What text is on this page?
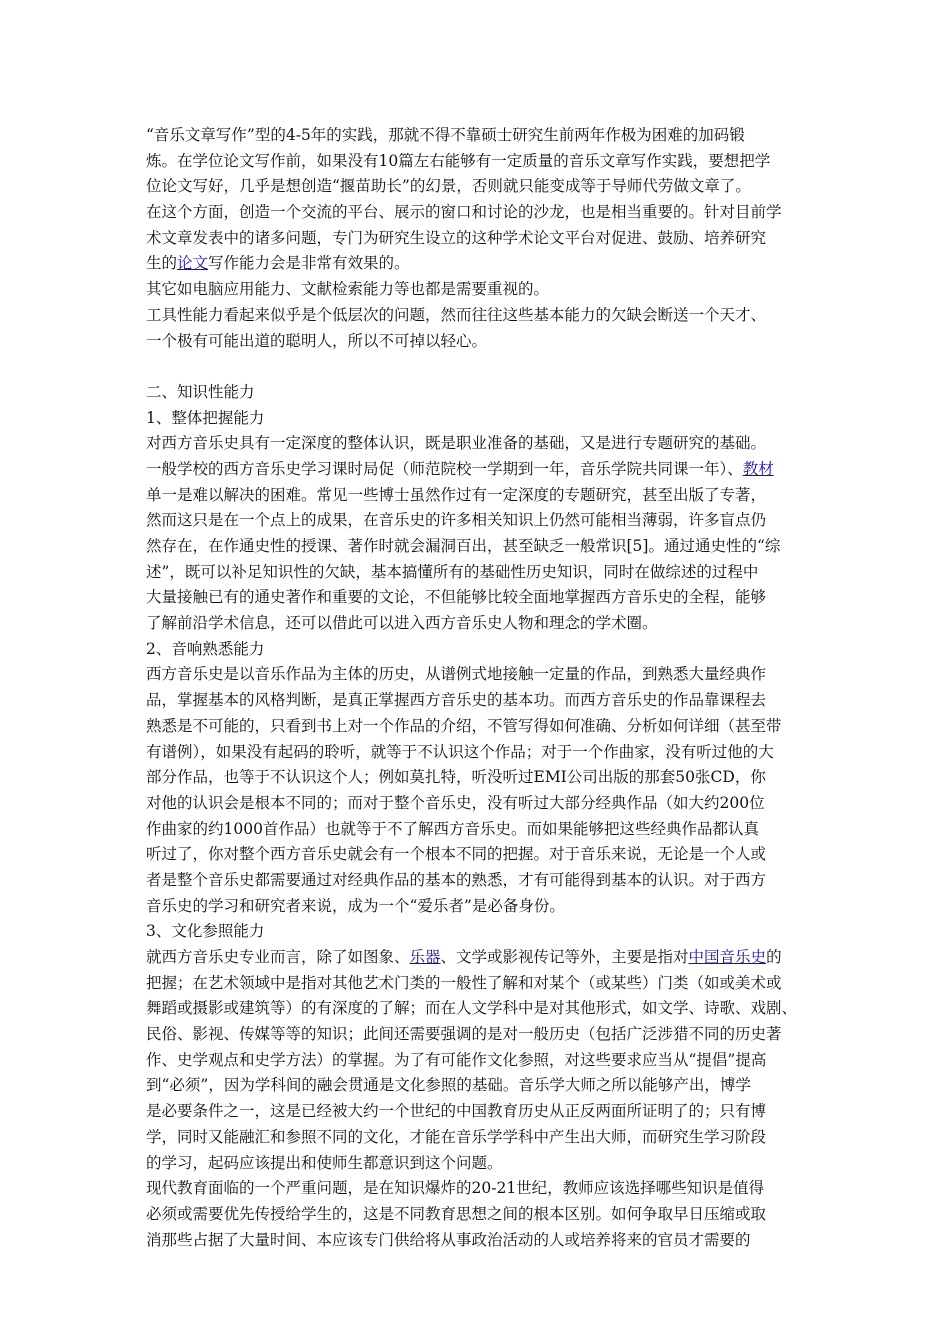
“音乐文章写作”型的4-5年的实践，那就不得不靠硕士研究生前两年作极为困难的加码锻
炼。在学位论文写作前，如果没有10篇左右能够有一定质量的音乐文章写作实践，要想把学
位论文写好，几乎是想创造“揠苗助长”的幻景，否则就只能变成等于导师代劳做文章了。
在这个方面，创造一个交流的平台、展示的窗口和讨论的沙龙，也是相当重要的。针对目前学
术文章发表中的诸多问题，专门为研究生设立的这种学术论文平台对促进、鼓励、培养研究
生的论文写作能力会是非常有效果的。
其它如电脑应用能力、文献检索能力等也都是需要重视的。
工具性能力看起来似乎是个低层次的问题，然而往往这些基本能力的欠缺会断送一个天才、
一个极有可能出道的聪明人，所以不可掉以轻心。
二、知识性能力
1、整体把握能力
对西方音乐史具有一定深度的整体认识，既是职业准备的基础，又是进行专题研究的基础。
一般学校的西方音乐史学习课时局促（师范院校一学期到一年，音乐学院共同课一年）、教材
单一是难以解决的困难。常见一些博士虽然作过有一定深度的专题研究，甚至出版了专著，
然而这只是在一个点上的成果，在音乐史的许多相关知识上仍然可能相当薄弱，许多盲点仍
然存在，在作通史性的授课、著作时就会漏洞百出，甚至缺乏一般常识[5]。通过通史性的“综
述”，既可以补足知识性的欠缺，基本搞懂所有的基础性历史知识，同时在做综述的过程中
大量接触已有的通史著作和重要的文论，不但能够比较全面地掌握西方音乐史的全程，能够
了解前沿学术信息，还可以借此可以进入西方音乐史人物和理念的学术圈。
2、音响熟悉能力
西方音乐史是以音乐作品为主体的历史，从谱例式地接触一定量的作品，到熟悉大量经典作
品，掌握基本的风格判断，是真正掌握西方音乐史的基本功。而西方音乐史的作品靠课程去
熟悉是不可能的，只看到书上对一个作品的介绍，不管写得如何准确、分析如何详细（甚至带
有谱例），如果没有起码的聆听，就等于不认识这个作品；对于一个作曲家，没有听过他的大
部分作品，也等于不认识这个人；例如莫扎特，听没听过EMI公司出版的那套50张CD，你
对他的认识会是根本不同的；而对于整个音乐史，没有听过大部分经典作品（如大约200位
作曲家的约1000首作品）也就等于不了解西方音乐史。而如果能够把这些经典作品都认真
听过了，你对整个西方音乐史就会有一个根本不同的把握。对于音乐来说，无论是一个人或
者是整个音乐史都需要通过对经典作品的基本的熟悉，才有可能得到基本的认识。对于西方
音乐史的学习和研究者来说，成为一个“爱乐者”是必备身份。
3、文化参照能力
就西方音乐史专业而言，除了如图象、乐器、文学或影视传记等外，主要是指对中国音乐史的
把握；在艺术领域中是指对其他艺术门类的一般性了解和对某个（或某些）门类（如或美术或
舞蹈或摄影或建筑等）的有深度的了解；而在人文学科中是对其他形式，如文学、诗歌、戏剧、
民俗、影视、传媒等等的知识；此间还需要强调的是对一般历史（包括广泛涉猎不同的历史著
作、史学观点和史学方法）的掌握。为了有可能作文化参照，对这些要求应当从“提倡”提高
到“必须”，因为学科间的融会贯通是文化参照的基础。音乐学大师之所以能够产出，博学
是必要条件之一，这是已经被大约一个世纪的中国教育历史从正反两面所证明了的；只有博
学，同时又能融汇和参照不同的文化，才能在音乐学学科中产生出大师，而研究生学习阶段
的学习，起码应该提出和使师生都意识到这个问题。
现代教育面临的一个严重问题，是在知识爆炸的20-21世纪，教师应该选择哪些知识是值得
必须或需要优先传授给学生的，这是不同教育思想之间的根本区别。如何争取早日压缩或取
消那些占据了大量时间、本应该专门供给将从事政治活动的人或培养将来的官员才需要的
